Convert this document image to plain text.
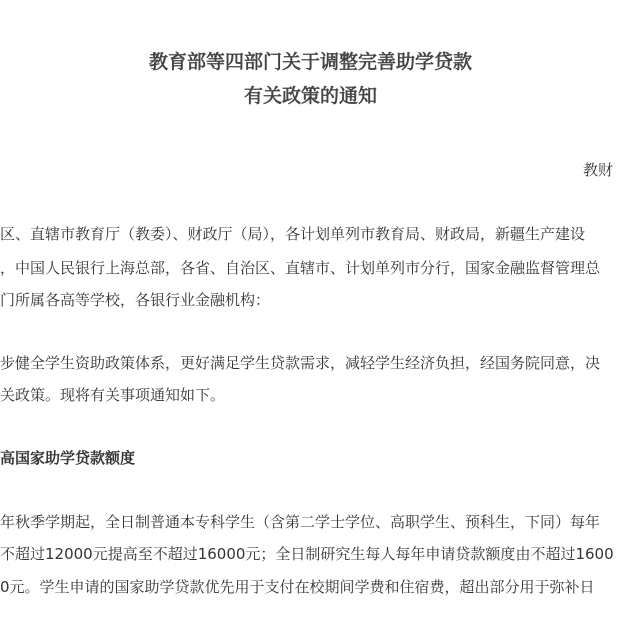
教育部等四部门关于调整完善助学贷款
有关政策的通知
教财
区、直辖市教育厅（教委）、财政厅（局），各计划单列市教育局、财政局，新疆生产建设
，中国人民银行上海总部，各省、自治区、直辖市、计划单列市分行，国家金融监督管理总
门所属各高等学校，各银行业金融机构：
步健全学生资助政策体系，更好满足学生贷款需求，减轻学生经济负担，经国务院同意，决
关政策。现将有关事项通知如下。
高国家助学贷款额度
年秋季学期起，全日制普通本专科学生（含第二学士学位、高职学生、预科生，下同）每年
不超过12000元提高至不超过16000元；全日制研究生每人每年申请贷款额度由不超过1600
0元。学生申请的国家助学贷款优先用于支付在校期间学费和住宿费，超出部分用于弥补日
